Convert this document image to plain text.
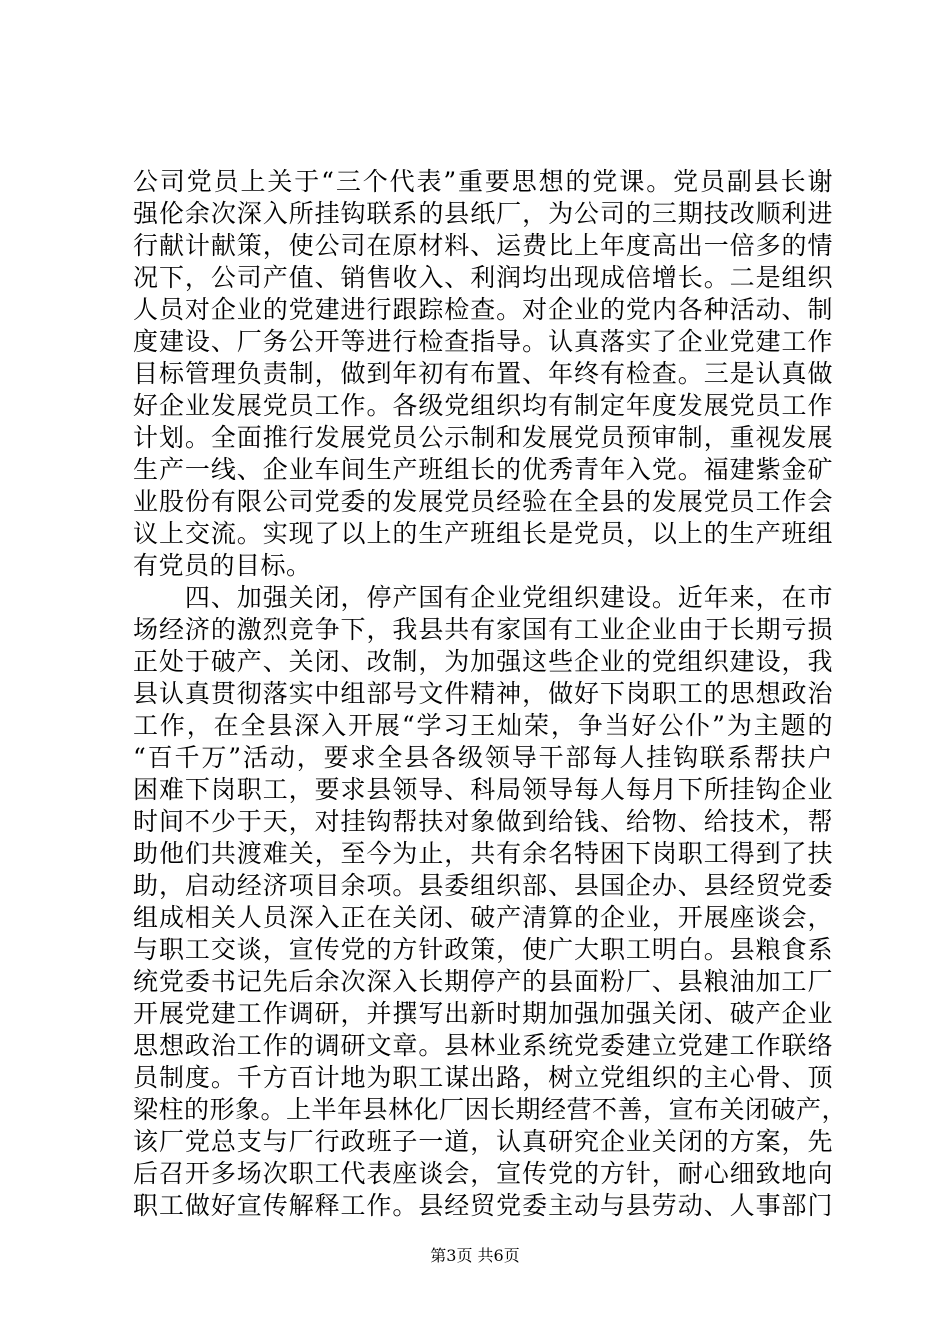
公司党员上关于“三个代表”重要思想的党课。党员副县长谢
强伦余次深入所挂钩联系的县纸厂，为公司的三期技改顺利进
行献计献策，使公司在原材料、运费比上年度高出一倍多的情
况下，公司产值、销售收入、利润均出现成倍增长。二是组织
人员对企业的党建进行跟踪检查。对企业的党内各种活动、制
度建设、厂务公开等进行检查指导。认真落实了企业党建工作
目标管理负责制，做到年初有布置、年终有检查。三是认真做
好企业发展党员工作。各级党组织均有制定年度发展党员工作
计划。全面推行发展党员公示制和发展党员预审制，重视发展
生产一线、企业车间生产班组长的优秀青年入党。福建紫金矿
业股份有限公司党委的发展党员经验在全县的发展党员工作会
议上交流。实现了以上的生产班组长是党员，以上的生产班组
有党员的目标。
　　四、加强关闭，停产国有企业党组织建设。近年来，在市
场经济的激烈竞争下，我县共有家国有工业企业由于长期亏损
正处于破产、关闭、改制，为加强这些企业的党组织建设，我
县认真贯彻落实中组部号文件精神，做好下岗职工的思想政治
工作，在全县深入开展“学习王灿荣，争当好公仆”为主题的
“百千万”活动，要求全县各级领导干部每人挂钩联系帮扶户
困难下岗职工，要求县领导、科局领导每人每月下所挂钩企业
时间不少于天，对挂钩帮扶对象做到给钱、给物、给技术，帮
助他们共渡难关，至今为止，共有余名特困下岗职工得到了扶
助，启动经济项目余项。县委组织部、县国企办、县经贸党委
组成相关人员深入正在关闭、破产清算的企业，开展座谈会，
与职工交谈，宣传党的方针政策，使广大职工明白。县粮食系
统党委书记先后余次深入长期停产的县面粉厂、县粮油加工厂
开展党建工作调研，并撰写出新时期加强加强关闭、破产企业
思想政治工作的调研文章。县林业系统党委建立党建工作联络
员制度。千方百计地为职工谋出路，树立党组织的主心骨、顶
梁柱的形象。上半年县林化厂因长期经营不善，宣布关闭破产，
该厂党总支与厂行政班子一道，认真研究企业关闭的方案，先
后召开多场次职工代表座谈会，宣传党的方针，耐心细致地向
职工做好宣传解释工作。县经贸党委主动与县劳动、人事部门
第3页 共6页
